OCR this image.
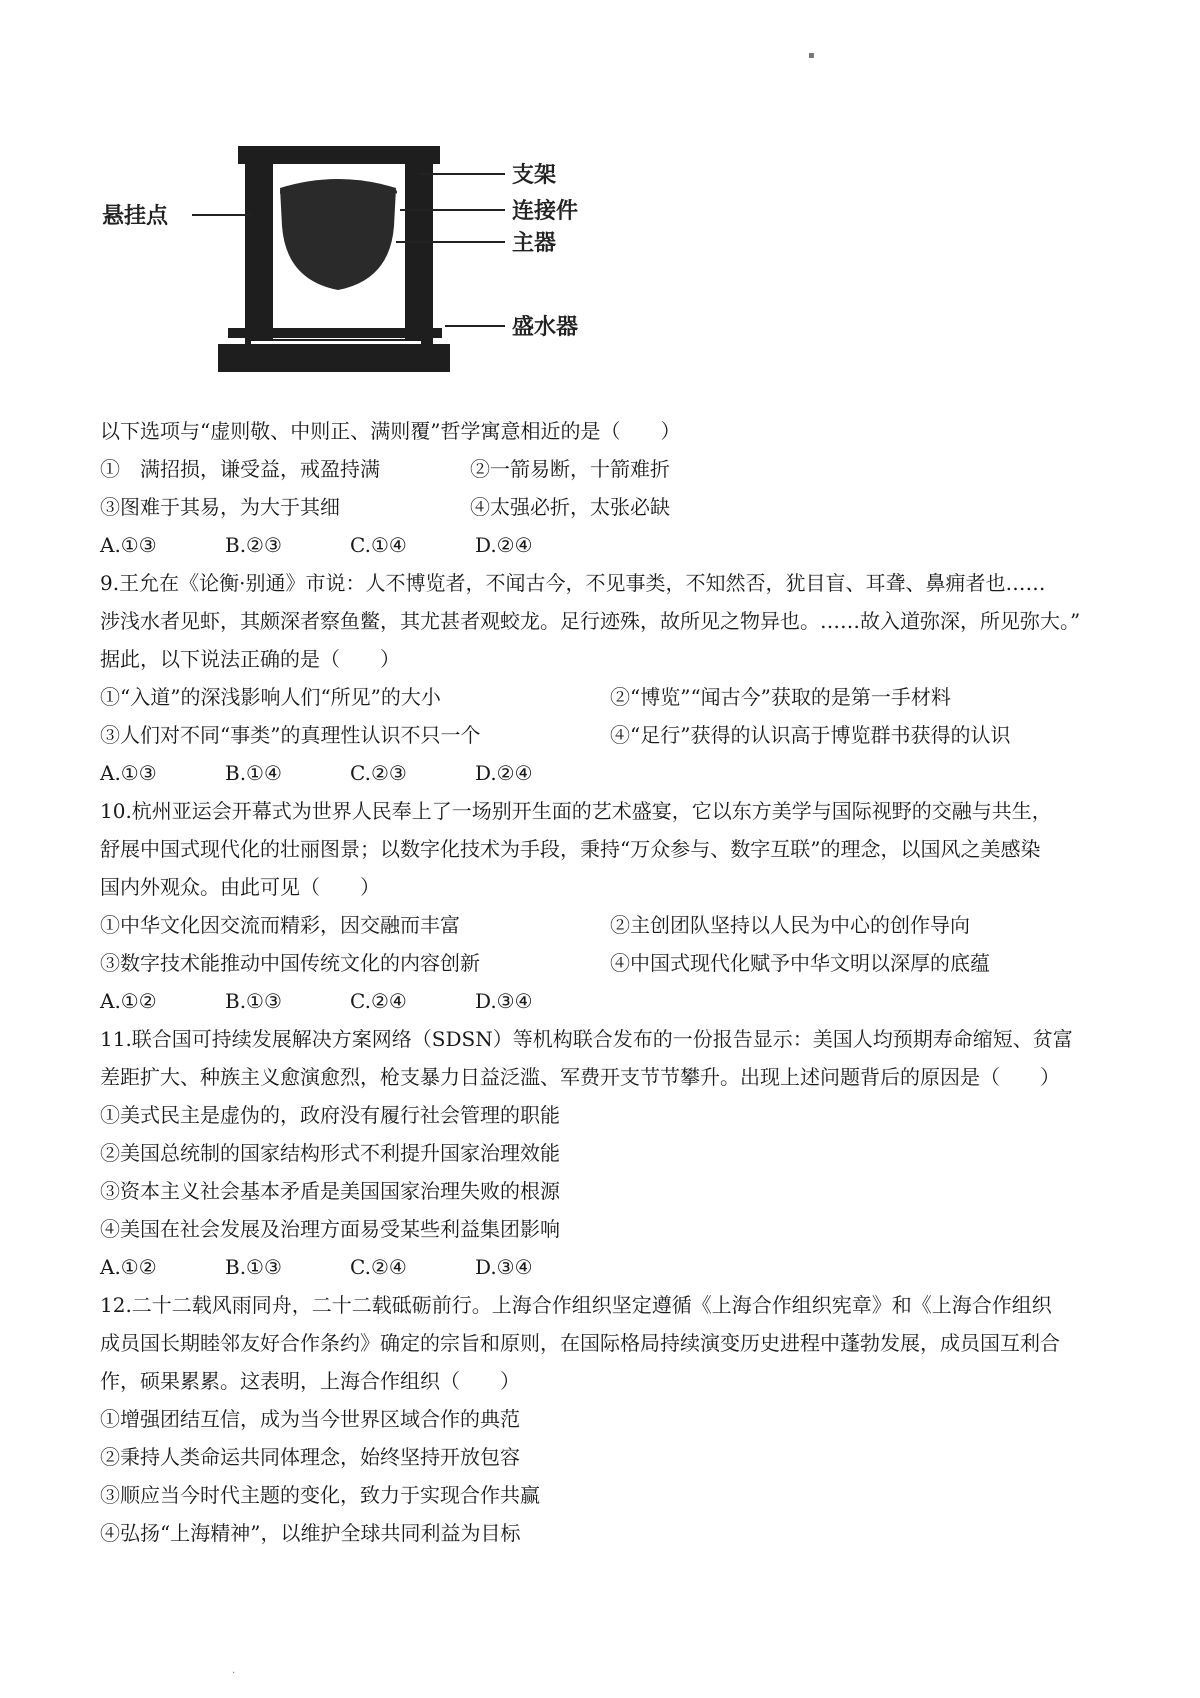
▪
悬挂点
支架
连接件
主器
盛水器
以下选项与“虚则敬、中则正、满则覆”哲学寓意相近的是（　　）
①　满招损，谦受益，戒盈持满	②一箭易断，十箭难折
③图难于其易，为大于其细	④太强必折，太张必缺
A.①③	B.②③	C.①④	D.②④
9.王允在《论衡·别通》市说：人不博览者，不闻古今，不见事类，不知然否，犹目盲、耳聋、鼻痈者也……
涉浅水者见虾，其颇深者察鱼鳖，其尤甚者观蛟龙。足行迹殊，故所见之物异也。……故入道弥深，所见弥大。”
据此，以下说法正确的是（　　）
①“入道”的深浅影响人们“所见”的大小	②“博览”“闻古今”获取的是第一手材料
③人们对不同“事类”的真理性认识不只一个	④“足行”获得的认识高于博览群书获得的认识
A.①③	B.①④	C.②③	D.②④
10.杭州亚运会开幕式为世界人民奉上了一场别开生面的艺术盛宴，它以东方美学与国际视野的交融与共生，
舒展中国式现代化的壮丽图景；以数字化技术为手段，秉持“万众参与、数字互联”的理念，以国风之美感染
国内外观众。由此可见（　　）
①中华文化因交流而精彩，因交融而丰富	②主创团队坚持以人民为中心的创作导向
③数字技术能推动中国传统文化的内容创新	④中国式现代化赋予中华文明以深厚的底蕴
A.①②	B.①③	C.②④	D.③④
11.联合国可持续发展解决方案网络（SDSN）等机构联合发布的一份报告显示：美国人均预期寿命缩短、贫富
差距扩大、种族主义愈演愈烈，枪支暴力日益泛滥、军费开支节节攀升。出现上述问题背后的原因是（　　）
①美式民主是虚伪的，政府没有履行社会管理的职能
②美国总统制的国家结构形式不利提升国家治理效能
③资本主义社会基本矛盾是美国国家治理失败的根源
④美国在社会发展及治理方面易受某些利益集团影响
A.①②	B.①③	C.②④	D.③④
12.二十二载风雨同舟，二十二载砥砺前行。上海合作组织坚定遵循《上海合作组织宪章》和《上海合作组织
成员国长期睦邻友好合作条约》确定的宗旨和原则，在国际格局持续演变历史进程中蓬勃发展，成员国互利合
作，硕果累累。这表明，上海合作组织（　　）
①增强团结互信，成为当今世界区域合作的典范
②秉持人类命运共同体理念，始终坚持开放包容
③顺应当今时代主题的变化，致力于实现合作共赢
④弘扬“上海精神”，以维护全球共同利益为目标
·
